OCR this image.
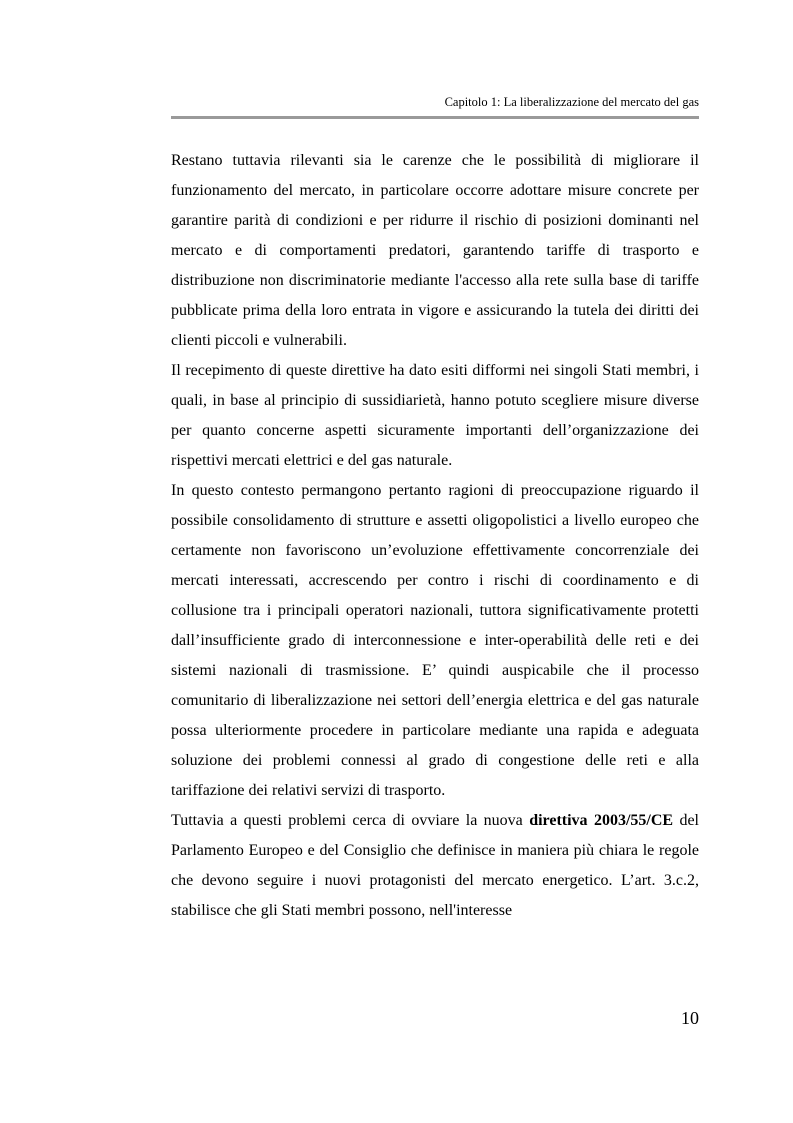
Capitolo 1: La liberalizzazione del mercato del gas

Restano tuttavia rilevanti sia le carenze che le possibilità di migliorare il funzionamento del mercato, in particolare occorre adottare misure concrete per garantire parità di condizioni e per ridurre il rischio di posizioni dominanti nel mercato e di comportamenti predatori, garantendo tariffe di trasporto e distribuzione non discriminatorie mediante l'accesso alla rete sulla base di tariffe pubblicate prima della loro entrata in vigore e assicurando la tutela dei diritti dei clienti piccoli e vulnerabili.

Il recepimento di queste direttive ha dato esiti difformi nei singoli Stati membri, i quali, in base al principio di sussidiarietà, hanno potuto scegliere misure diverse per quanto concerne aspetti sicuramente importanti dell’organizzazione dei rispettivi mercati elettrici e del gas naturale.

In questo contesto permangono pertanto ragioni di preoccupazione riguardo il possibile consolidamento di strutture e assetti oligopolistici a livello europeo che certamente non favoriscono un’evoluzione effettivamente concorrenziale dei mercati interessati, accrescendo per contro i rischi di coordinamento e di collusione tra i principali operatori nazionali, tuttora significativamente protetti dall’insufficiente grado di interconnessione e inter-operabilità delle reti e dei sistemi nazionali di trasmissione. E’ quindi auspicabile che il processo comunitario di liberalizzazione nei settori dell’energia elettrica e del gas naturale possa ulteriormente procedere in particolare mediante una rapida e adeguata soluzione dei problemi connessi al grado di congestione delle reti e alla tariffazione dei relativi servizi di trasporto.

Tuttavia a questi problemi cerca di ovviare la nuova direttiva 2003/55/CE del Parlamento Europeo e del Consiglio che definisce in maniera più chiara le regole che devono seguire i nuovi protagonisti del mercato energetico. L’art. 3.c.2, stabilisce che gli Stati membri possono, nell'interesse

10
